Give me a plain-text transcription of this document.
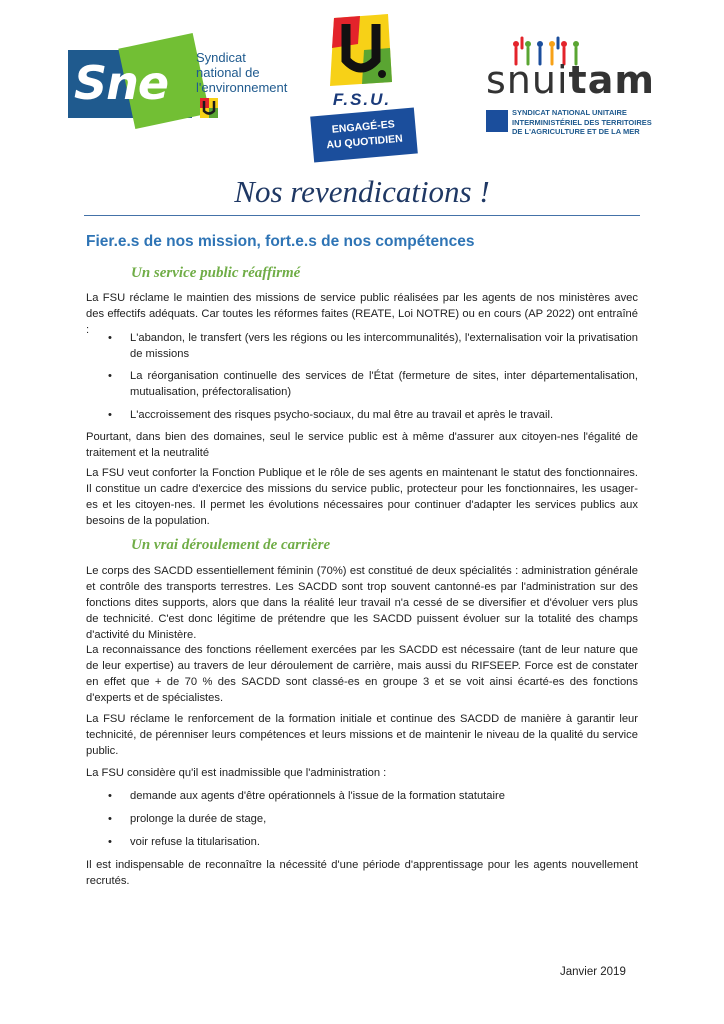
Sne Syndicat
national de
l'environnement
F.S.U.
ENGAGÉ-ES
AU QUOTIDIEN
snuitam
SYNDICAT NATIONAL UNITAIRE
INTERMINISTÉRIEL DES TERRITOIRES
DE L'AGRICULTURE ET DE LA MER
Nos revendications !
Fier.e.s de nos mission, fort.e.s de nos compétences
Un service public réaffirmé
La FSU réclame le maintien des missions de service public réalisées par les agents de nos ministères avec des effectifs adéquats. Car toutes les réformes faites (REATE, Loi NOTRE) ou en cours (AP 2022) ont entraîné :
•	L'abandon, le transfert (vers les régions ou les intercommunalités), l'externalisation voir la privatisation de missions
•	La réorganisation continuelle des services de l'État (fermeture de sites, inter départementalisation, mutualisation, préfectoralisation)
•	L'accroissement des risques psycho-sociaux, du mal être au travail et après le travail.
Pourtant, dans bien des domaines, seul le service public est à même d'assurer aux citoyen-nes l'égalité de traitement et la neutralité
La FSU veut conforter la Fonction Publique et le rôle de ses agents en maintenant le statut des fonctionnaires. Il constitue un cadre d'exercice des missions du service public, protecteur pour les fonctionnaires, les usager-es et les citoyen-nes. Il permet les évolutions nécessaires pour continuer d'adapter les services publics aux besoins de la population.
Un vrai déroulement de carrière
Le corps des SACDD essentiellement féminin (70%) est constitué de deux spécialités : administration générale et contrôle des transports terrestres. Les SACDD sont trop souvent cantonné-es par l'administration sur des fonctions dites supports, alors que dans la réalité leur travail n'a cessé de se diversifier et d'évoluer vers plus de technicité. C'est donc légitime de prétendre que les SACDD puissent évoluer sur la totalité des champs d'activité du Ministère.
La reconnaissance des fonctions réellement exercées par les SACDD est nécessaire (tant de leur nature que de leur expertise) au travers de leur déroulement de carrière, mais aussi du RIFSEEP. Force est de constater en effet que + de 70 % des SACDD sont classé-es en groupe 3 et se voit ainsi écarté-es des fonctions d'experts et de spécialistes.
La FSU réclame le renforcement de la formation initiale et continue des SACDD de manière à garantir leur technicité, de pérenniser leurs compétences et leurs missions et de maintenir le niveau de la qualité du service public.
La FSU considère qu'il est inadmissible que l'administration :
•	demande aux agents d'être opérationnels à l'issue de la formation statutaire
•	prolonge la durée de stage,
•	voir refuse la titularisation.
Il est indispensable de reconnaître la nécessité d'une période d'apprentissage pour les agents nouvellement recrutés.
Janvier 2019
